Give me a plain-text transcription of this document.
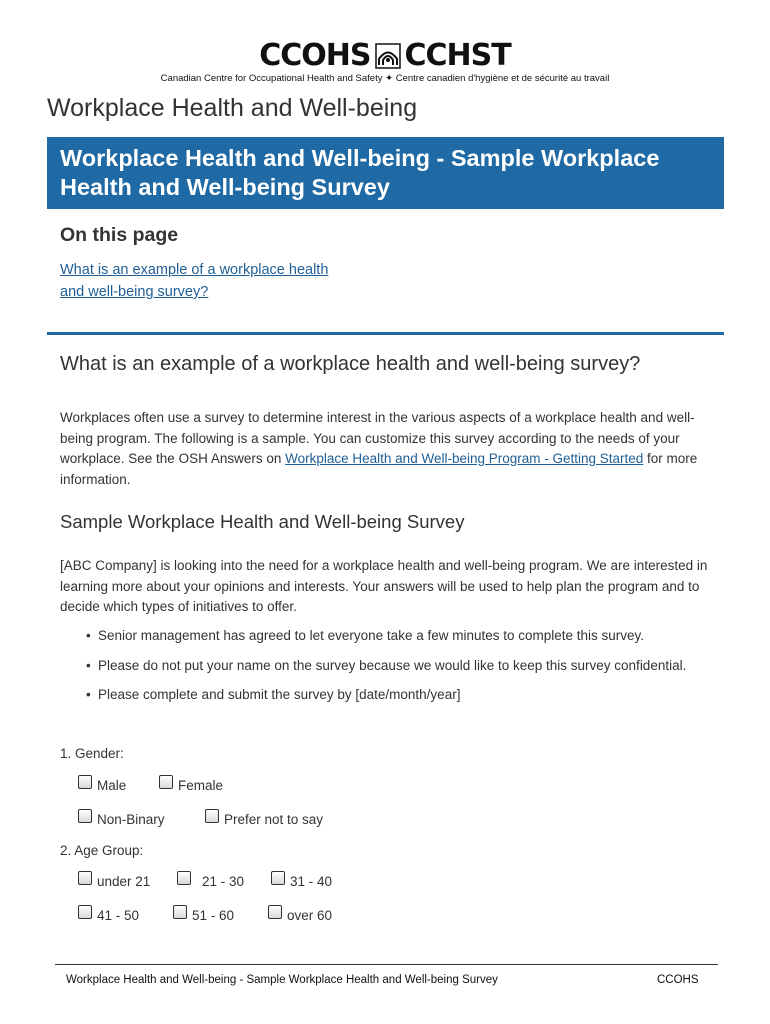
CCOHS CCHST
Canadian Centre for Occupational Health and Safety ✦ Centre canadien d'hygiène et de sécurité au travail
Workplace Health and Well-being
Workplace Health and Well-being - Sample Workplace Health and Well-being Survey
On this page
What is an example of a workplace health and well-being survey?
What is an example of a workplace health and well-being survey?

Workplaces often use a survey to determine interest in the various aspects of a workplace health and well-being program. The following is a sample. You can customize this survey according to the needs of your workplace. See the OSH Answers on Workplace Health and Well-being Program - Getting Started for more information.

Sample Workplace Health and Well-being Survey

[ABC Company] is looking into the need for a workplace health and well-being program. We are interested in learning more about your opinions and interests. Your answers will be used to help plan the program and to decide which types of initiatives to offer.

• Senior management has agreed to let everyone take a few minutes to complete this survey.
• Please do not put your name on the survey because we would like to keep this survey confidential.
• Please complete and submit the survey by [date/month/year]
1. Gender:
Male	Female
Non-Binary	Prefer not to say
2. Age Group:
under 21	21 - 30	31 - 40
41 - 50	51 - 60	over 60
Workplace Health and Well-being - Sample Workplace Health and Well-being Survey	CCOHS
